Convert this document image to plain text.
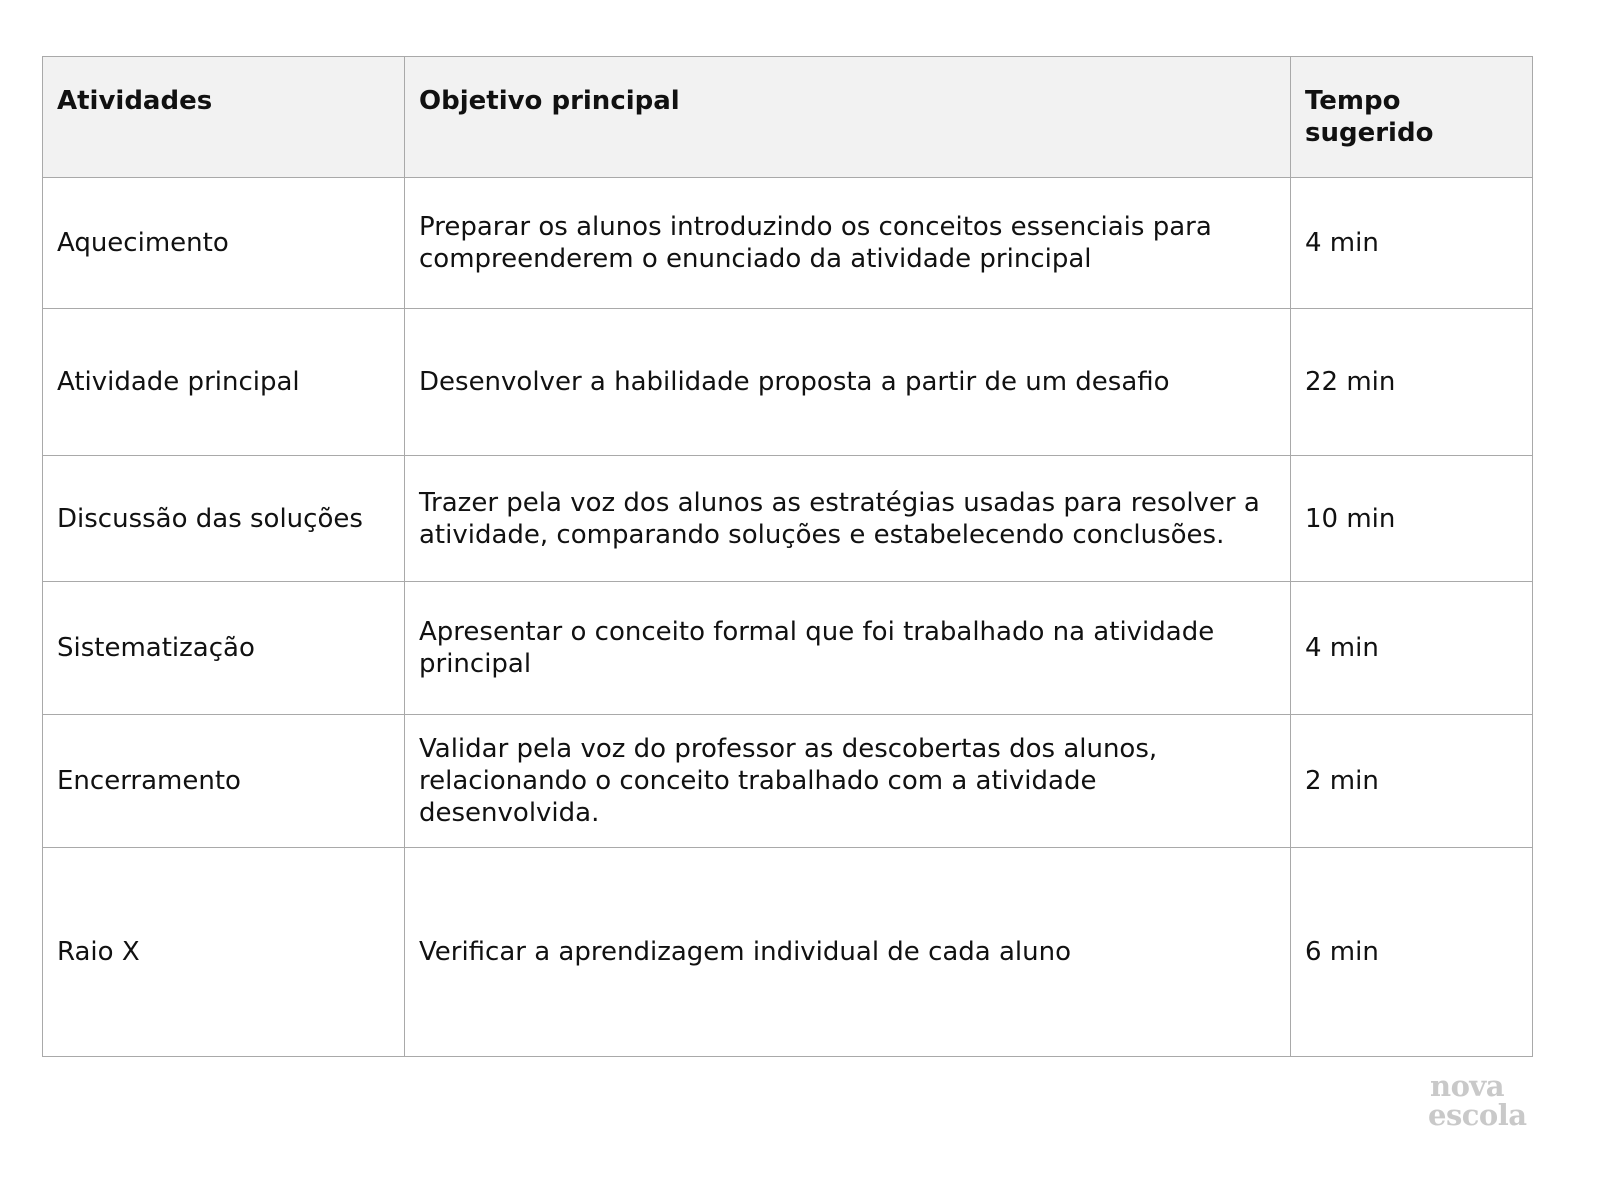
Atividades	Objetivo principal	Tempo sugerido
Aquecimento	Preparar os alunos introduzindo os conceitos essenciais para compreenderem o enunciado da atividade principal	4 min
Atividade principal	Desenvolver a habilidade proposta a partir de um desafio	22 min
Discussão das soluções	Trazer pela voz dos alunos as estratégias usadas para resolver a atividade, comparando soluções e estabelecendo conclusões.	10 min
Sistematização	Apresentar o conceito formal que foi trabalhado na atividade principal	4 min
Encerramento	Validar pela voz do professor as descobertas dos alunos, relacionando o conceito trabalhado com a atividade desenvolvida.	2 min
Raio X	Verificar a aprendizagem individual de cada aluno	6 min
nova
escola
